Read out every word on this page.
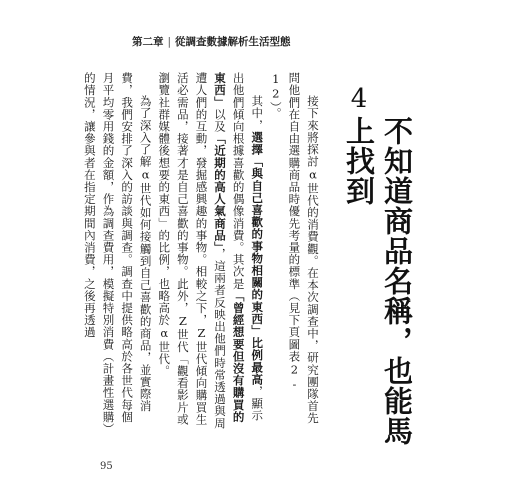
第二章 | 從調查數據解析生活型態
4
不知道商品名稱，也能馬上找到

接下來將探討α世代的消費觀。在本次調查中，研究團隊首先問他們在自由選購商品時優先考量的標準（見下頁圖表2-12）。

其中，選擇「與自己喜歡的事物相關的東西」比例最高，顯示出他們傾向根據喜歡的偶像消費。其次是「曾經想要但沒有購買的東西」以及「近期的高人氣商品」，這兩者反映出他們時常透過與周遭人們的互動，發掘感興趣的事物。相較之下，Z世代傾向購買生活必需品，接著才是自己喜歡的事物。此外，Z世代「觀看影片或瀏覽社群媒體後想要的東西」的比例，也略高於α世代。

為了深入了解α世代如何接觸到自己喜歡的商品，並實際消費，我們安排了深入的訪談與調查。調查中提供略高於各世代每個月平均零用錢的金額，作為調查費用，模擬特別消費（計畫性選購）的情況，讓參與者在指定期間內消費，之後再透過

95
